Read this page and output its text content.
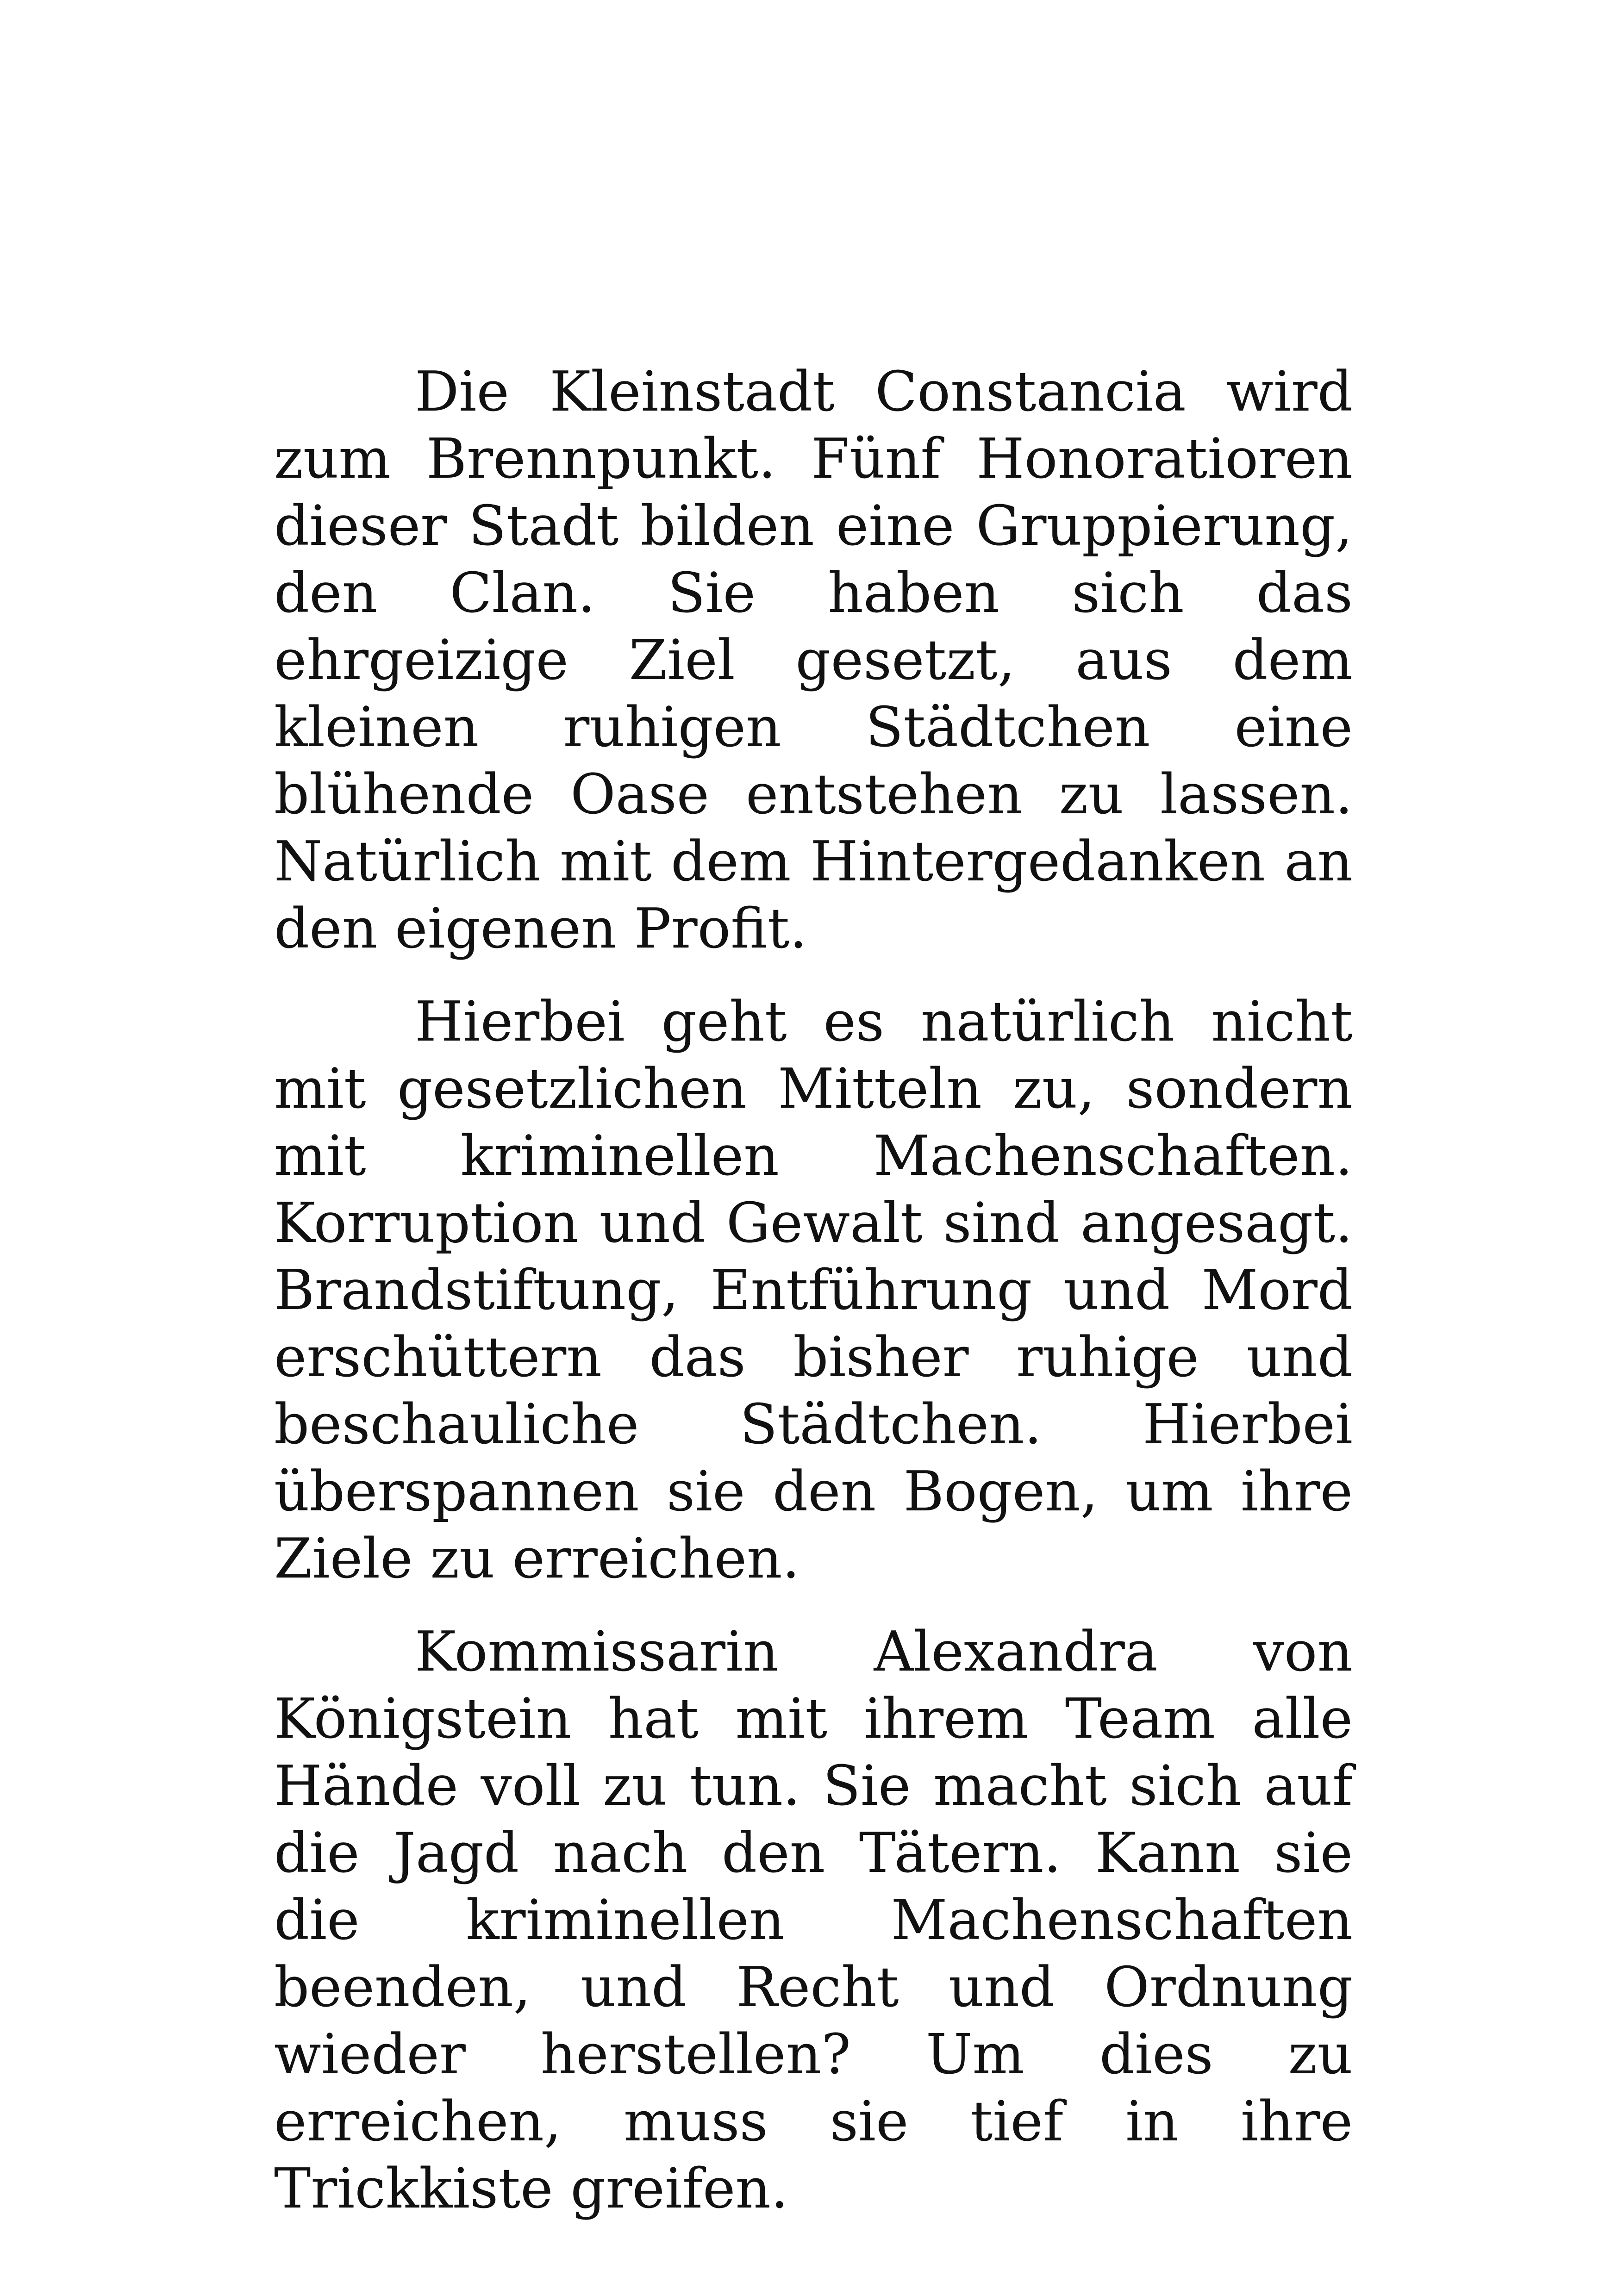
Die Kleinstadt Constancia wird zum Brennpunkt. Fünf Honoratioren dieser Stadt bilden eine Gruppierung, den Clan. Sie haben sich das ehrgeizige Ziel gesetzt, aus dem kleinen ruhigen Städtchen eine blühende Oase entstehen zu lassen. Natürlich mit dem Hintergedanken an den eigenen Profit.

Hierbei geht es natürlich nicht mit gesetzlichen Mitteln zu, sondern mit kriminellen Machenschaften. Korruption und Gewalt sind angesagt. Brandstiftung, Entführung und Mord erschüttern das bisher ruhige und beschauliche Städtchen. Hierbei überspannen sie den Bogen, um ihre Ziele zu erreichen.

Kommissarin Alexandra von Königstein hat mit ihrem Team alle Hände voll zu tun. Sie macht sich auf die Jagd nach den Tätern. Kann sie die kriminellen Machenschaften beenden, und Recht und Ordnung wieder herstellen? Um dies zu erreichen, muss sie tief in ihre Trickkiste greifen.
